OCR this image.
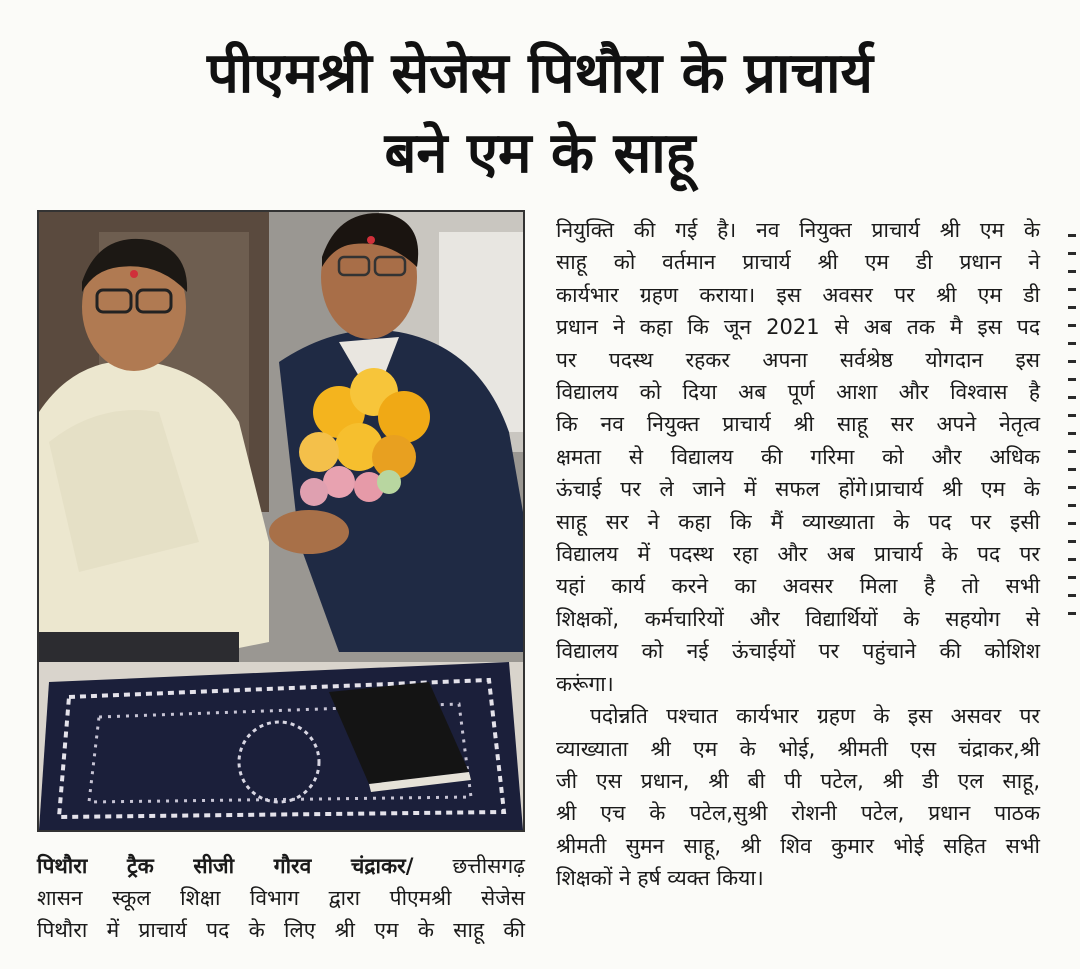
पीएमश्री सेजेस पिथौरा के प्राचार्य
बने एम के साहू
पिथौरा ट्रैक सीजी गौरव चंद्राकर/ छत्तीसगढ़
शासन स्कूल शिक्षा विभाग द्वारा पीएमश्री सेजेस
पिथौरा में प्राचार्य पद के लिए श्री एम के साहू की
नियुक्ति की गई है। नव नियुक्त प्राचार्य श्री एम के
साहू को वर्तमान प्राचार्य श्री एम डी प्रधान ने
कार्यभार ग्रहण कराया। इस अवसर पर श्री एम डी
प्रधान ने कहा कि जून 2021 से अब तक मै इस पद
पर पदस्थ रहकर अपना सर्वश्रेष्ठ योगदान इस
विद्यालय को दिया अब पूर्ण आशा और विश्वास है
कि नव नियुक्त प्राचार्य श्री साहू सर अपने नेतृत्व
क्षमता से विद्यालय की गरिमा को और अधिक
ऊंचाई पर ले जाने में सफल होंगे।प्राचार्य श्री एम के
साहू सर ने कहा कि मैं व्याख्याता के पद पर इसी
विद्यालय में पदस्थ रहा और अब प्राचार्य के पद पर
यहां कार्य करने का अवसर मिला है तो सभी
शिक्षकों, कर्मचारियों और विद्यार्थियों के सहयोग से
विद्यालय को नई ऊंचाईयों पर पहुंचाने की कोशिश
करूंगा।
पदोन्नति पश्चात कार्यभार ग्रहण के इस असवर पर
व्याख्याता श्री एम के भोई, श्रीमती एस चंद्राकर,श्री
जी एस प्रधान, श्री बी पी पटेल, श्री डी एल साहू,
श्री एच के पटेल,सुश्री रोशनी पटेल, प्रधान पाठक
श्रीमती सुमन साहू, श्री शिव कुमार भोई सहित सभी
शिक्षकों ने हर्ष व्यक्त किया।
